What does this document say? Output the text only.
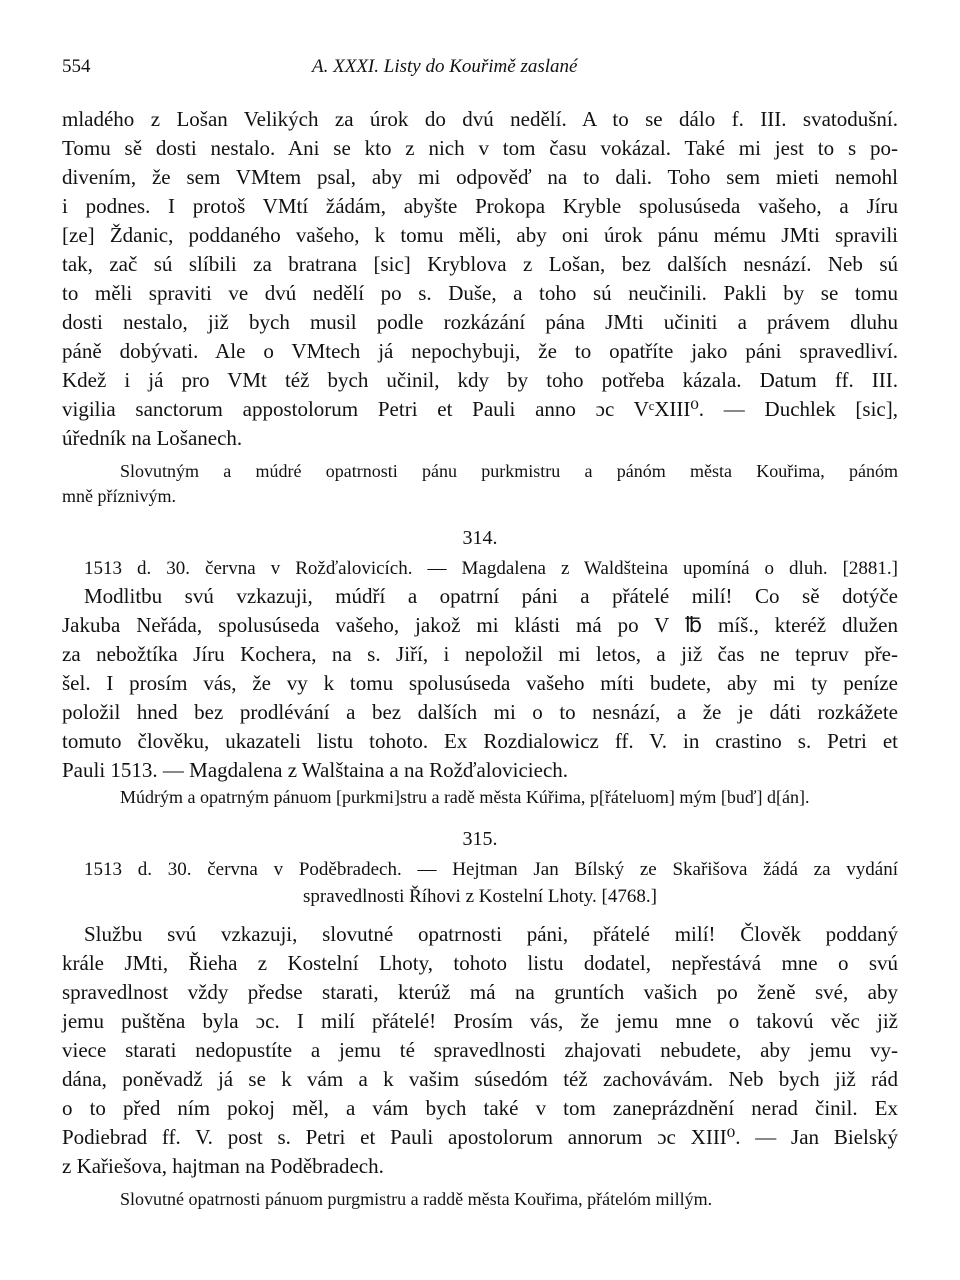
554	A. XXXI. Listy do Kouřimě zaslané
mladého z Lošan Velikých za úrok do dvú nedělí. A to se dálo f. III. svatodušní.
Tomu sě dosti nestalo. Ani se kto z nich v tom času vokázal. Také mi jest to s po-
divením, že sem VMtem psal, aby mi odpověď na to dali. Toho sem mieti nemohl
i podnes. I protoš VMtí žádám, abyšte Prokopa Kryble spolusúseda vašeho, a Jíru
[ze] Ždanic, poddaného vašeho, k tomu měli, aby oni úrok pánu mému JMti spravili
tak, zač sú slíbili za bratrana [sic] Kryblova z Lošan, bez dalších nesnází. Neb sú
to měli spraviti ve dvú nedělí po s. Duše, a toho sú neučinili. Pakli by se tomu
dosti nestalo, již bych musil podle rozkázání pána JMti učiniti a právem dluhu
páně dobývati. Ale o VMtech já nepochybuji, že to opatříte jako páni spravedliví.
Kdež i já pro VMt též bych učinil, kdy by toho potřeba kázala. Datum ff. III.
vigilia sanctorum appostolorum Petri et Pauli anno ɔc VᶜXIII⁰. — Duchlek [sic],
úředník na Lošanech.
Slovutným a múdré opatrnosti pánu purkmistru a pánóm města Kouřima, pánóm
mně příznivým.
314.
1513 d. 30. června v Rožďalovicích. — Magdalena z Waldšteina upomíná o dluh. [2881.]
Modlitbu svú vzkazuji, múdří a opatrní páni a přátelé milí! Co sě dotýče
Jakuba Neřáda, spolusúseda vašeho, jakož mi klásti má po V ℔ míš., kteréž dlužen
za nebožtíka Jíru Kochera, na s. Jiří, i nepoložil mi letos, a již čas ne tepruv pře-
šel. I prosím vás, že vy k tomu spolusúseda vašeho míti budete, aby mi ty peníze
položil hned bez prodlévání a bez dalších mi o to nesnází, a že je dáti rozkážete
tomuto člověku, ukazateli listu tohoto. Ex Rozdialowicz ff. V. in crastino s. Petri et
Pauli 1513. — Magdalena z Walštaina a na Rožďaloviciech.
Múdrým a opatrným pánuom [purkmi]stru a radě města Kúřima, p[řáteluom] mým [buď] d[án].
315.
1513 d. 30. června v Poděbradech. — Hejtman Jan Bílský ze Skařišova žádá za vydání
spravedlnosti Říhovi z Kostelní Lhoty. [4768.]
Službu svú vzkazuji, slovutné opatrnosti páni, přátelé milí! Člověk poddaný
krále JMti, Řieha z Kostelní Lhoty, tohoto listu dodatel, nepřestává mne o svú
spravedlnost vždy předse starati, kterúž má na gruntích vašich po ženě své, aby
jemu puštěna byla ɔc. I milí přátelé! Prosím vás, že jemu mne o takovú věc již
viece starati nedopustíte a jemu té spravedlnosti zhajovati nebudete, aby jemu vy-
dána, poněvadž já se k vám a k vašim súsedóm též zachovávám. Neb bych již rád
o to před ním pokoj měl, a vám bych také v tom zaneprázdnění nerad činil. Ex
Podiebrad ff. V. post s. Petri et Pauli apostolorum annorum ɔc XIII⁰. — Jan Bielský
z Kařiešova, hajtman na Poděbradech.
Slovutné opatrnosti pánuom purgmistru a raddě města Kouřima, přátelóm millým.
